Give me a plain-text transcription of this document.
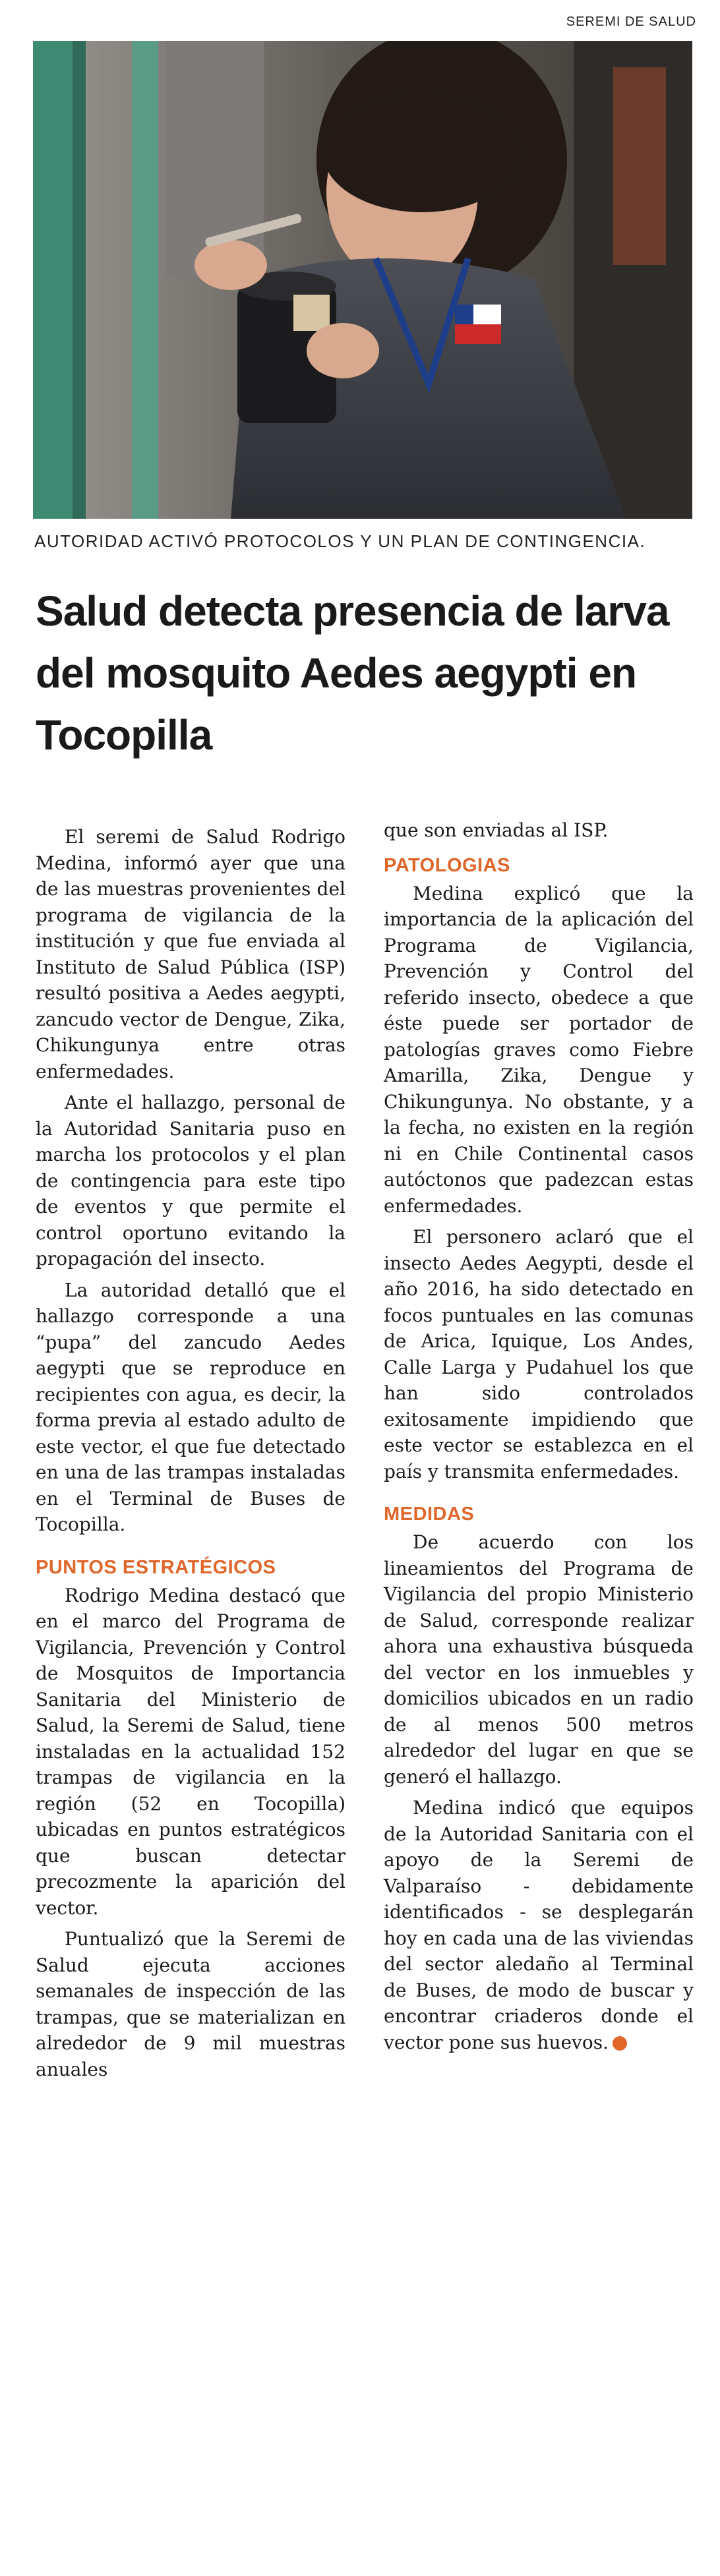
SEREMI DE SALUD
AUTORIDAD ACTIVÓ PROTOCOLOS Y UN PLAN DE CONTINGENCIA.
Salud detecta presencia de larva del mosquito Aedes aegypti en Tocopilla

El seremi de Salud Rodrigo Medina, informó ayer que una de las muestras provenientes del programa de vigilancia de la institución y que fue enviada al Instituto de Salud Pública (ISP) resultó positiva a Aedes aegypti, zancudo vector de Dengue, Zika, Chikungunya entre otras enfermedades.

Ante el hallazgo, personal de la Autoridad Sanitaria puso en marcha los protocolos y el plan de contingencia para este tipo de eventos y que permite el control oportuno evitando la propagación del insecto.

La autoridad detalló que el hallazgo corresponde a una “pupa” del zancudo Aedes aegypti que se reproduce en recipientes con agua, es decir, la forma previa al estado adulto de este vector, el que fue detectado en una de las trampas instaladas en el Terminal de Buses de Tocopilla.

PUNTOS ESTRATÉGICOS

Rodrigo Medina destacó que en el marco del Programa de Vigilancia, Prevención y Control de Mosquitos de Importancia Sanitaria del Ministerio de Salud, la Seremi de Salud, tiene instaladas en la actualidad 152 trampas de vigilancia en la región (52 en Tocopilla) ubicadas en puntos estratégicos que buscan detectar precozmente la aparición del vector.

Puntualizó que la Seremi de Salud ejecuta acciones semanales de inspección de las trampas, que se materializan en alrededor de 9 mil muestras anuales

que son enviadas al ISP.

PATOLOGIAS

Medina explicó que la importancia de la aplicación del Programa de Vigilancia, Prevención y Control del referido insecto, obedece a que éste puede ser portador de patologías graves como Fiebre Amarilla, Zika, Dengue y Chikungunya. No obstante, y a la fecha, no existen en la región ni en Chile Continental casos autóctonos que padezcan estas enfermedades.

El personero aclaró que el insecto Aedes Aegypti, desde el año 2016, ha sido detectado en focos puntuales en las comunas de Arica, Iquique, Los Andes, Calle Larga y Pudahuel los que han sido controlados exitosamente impidiendo que este vector se establezca en el país y transmita enfermedades.

MEDIDAS

De acuerdo con los lineamientos del Programa de Vigilancia del propio Ministerio de Salud, corresponde realizar ahora una exhaustiva búsqueda del vector en los inmuebles y domicilios ubicados en un radio de al menos 500 metros alrededor del lugar en que se generó el hallazgo.

Medina indicó que equipos de la Autoridad Sanitaria con el apoyo de la Seremi de Valparaíso - debidamente identificados - se desplegarán hoy en cada una de las viviendas del sector aledaño al Terminal de Buses, de modo de buscar y encontrar criaderos donde el vector pone sus huevos.	✪
